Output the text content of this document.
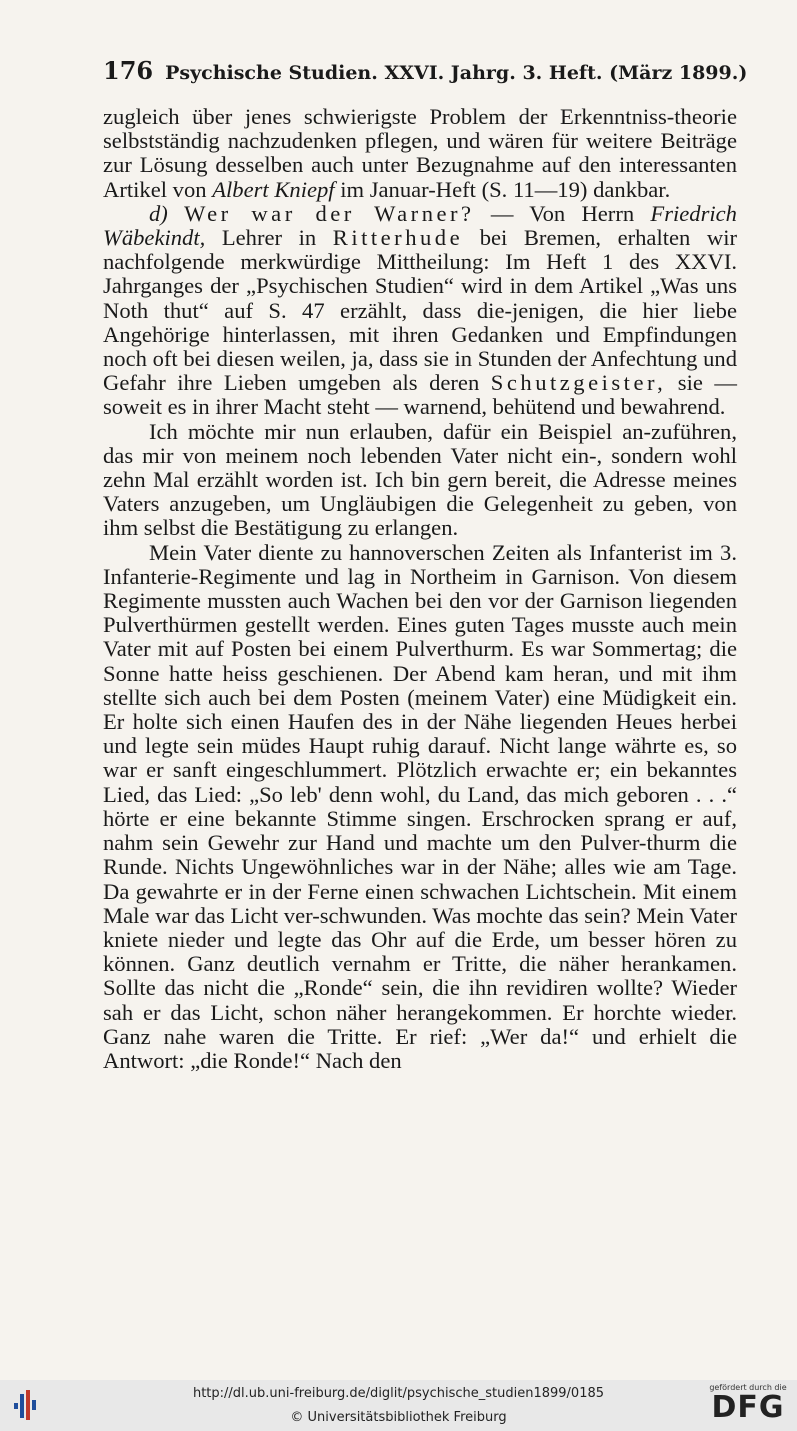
176 Psychische Studien. XXVI. Jahrg. 3. Heft. (März 1899.)

zugleich über jenes schwierigste Problem der Erkenntniss-theorie selbstständig nachzudenken pflegen, und wären für weitere Beiträge zur Lösung desselben auch unter Bezugnahme auf den interessanten Artikel von Albert Kniepf im Januar-Heft (S. 11—19) dankbar.

d) Wer war der Warner? — Von Herrn Friedrich Wäbekindt, Lehrer in Ritterhude bei Bremen, erhalten wir nachfolgende merkwürdige Mittheilung: Im Heft 1 des XXVI. Jahrganges der „Psychischen Studien“ wird in dem Artikel „Was uns Noth thut“ auf S. 47 erzählt, dass die-jenigen, die hier liebe Angehörige hinterlassen, mit ihren Gedanken und Empfindungen noch oft bei diesen weilen, ja, dass sie in Stunden der Anfechtung und Gefahr ihre Lieben umgeben als deren Schutzgeister, sie — soweit es in ihrer Macht steht — warnend, behütend und bewahrend.

Ich möchte mir nun erlauben, dafür ein Beispiel an-zuführen, das mir von meinem noch lebenden Vater nicht ein-, sondern wohl zehn Mal erzählt worden ist. Ich bin gern bereit, die Adresse meines Vaters anzugeben, um Ungläubigen die Gelegenheit zu geben, von ihm selbst die Bestätigung zu erlangen.

Mein Vater diente zu hannoverschen Zeiten als Infanterist im 3. Infanterie-Regimente und lag in Northeim in Garnison. Von diesem Regimente mussten auch Wachen bei den vor der Garnison liegenden Pulverthürmen gestellt werden. Eines guten Tages musste auch mein Vater mit auf Posten bei einem Pulverthurm. Es war Sommertag; die Sonne hatte heiss geschienen. Der Abend kam heran, und mit ihm stellte sich auch bei dem Posten (meinem Vater) eine Müdigkeit ein. Er holte sich einen Haufen des in der Nähe liegenden Heues herbei und legte sein müdes Haupt ruhig darauf. Nicht lange währte es, so war er sanft eingeschlummert. Plötzlich erwachte er; ein bekanntes Lied, das Lied: „So leb' denn wohl, du Land, das mich geboren . . .“ hörte er eine bekannte Stimme singen. Erschrocken sprang er auf, nahm sein Gewehr zur Hand und machte um den Pulver-thurm die Runde. Nichts Ungewöhnliches war in der Nähe; alles wie am Tage. Da gewahrte er in der Ferne einen schwachen Lichtschein. Mit einem Male war das Licht ver-schwunden. Was mochte das sein? Mein Vater kniete nieder und legte das Ohr auf die Erde, um besser hören zu können. Ganz deutlich vernahm er Tritte, die näher herankamen. Sollte das nicht die „Ronde“ sein, die ihn revidiren wollte? Wieder sah er das Licht, schon näher herangekommen. Er horchte wieder. Ganz nahe waren die Tritte. Er rief: „Wer da!“ und erhielt die Antwort: „die Ronde!“ Nach den

http://dl.ub.uni-freiburg.de/diglit/psychische_studien1899/0185
© Universitätsbibliothek Freiburg
gefördert durch die
DFG
